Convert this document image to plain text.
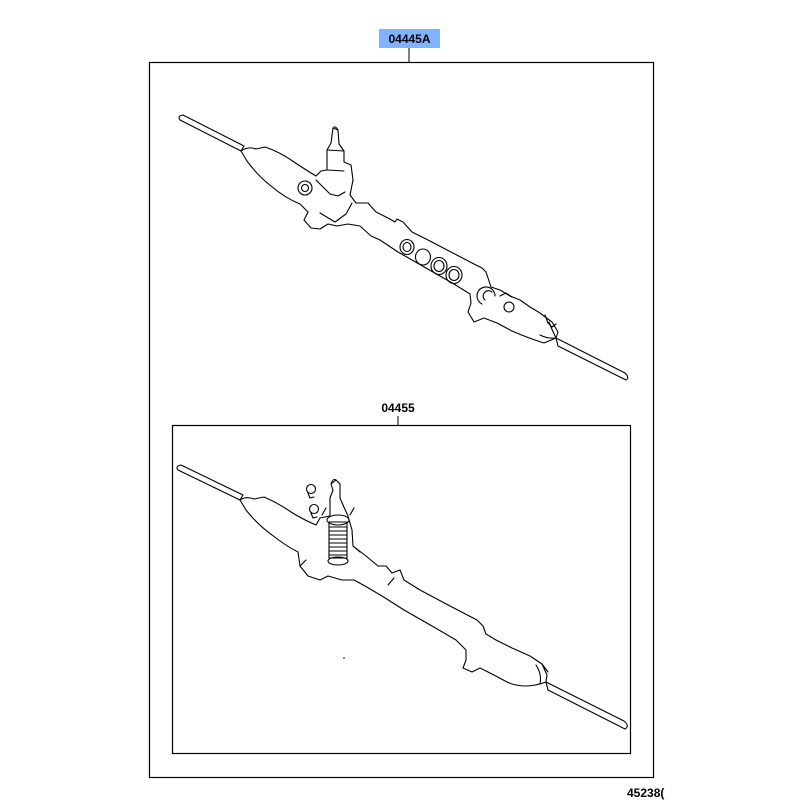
04445A
04455
45238(
